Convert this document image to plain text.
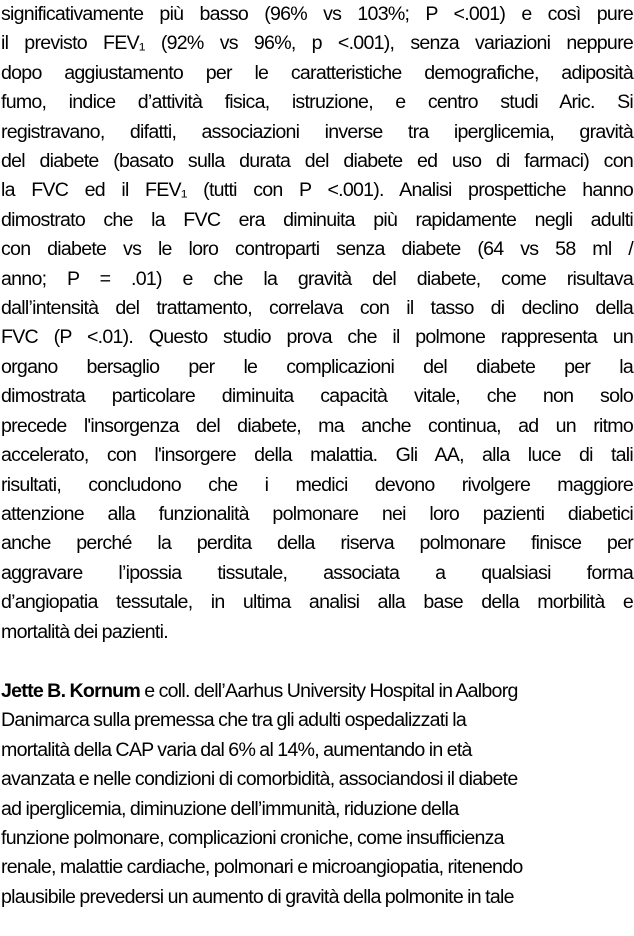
significativamente più basso (96% vs 103%; P <.001) e così pure
il previsto FEV₁ (92% vs 96%, p <.001), senza variazioni neppure
dopo aggiustamento per le caratteristiche demografiche, adiposità
fumo, indice d’attività fisica, istruzione, e centro studi Aric. Si
registravano, difatti, associazioni inverse tra iperglicemia, gravità
del diabete (basato sulla durata del diabete ed uso di farmaci) con
la FVC ed il FEV₁ (tutti con P <.001). Analisi prospettiche hanno
dimostrato che la FVC era diminuita più rapidamente negli adulti
con diabete vs le loro controparti senza diabete (64 vs 58 ml /
anno; P = .01) e che la gravità del diabete, come risultava
dall’intensità del trattamento, correlava con il tasso di declino della
FVC (P <.01). Questo studio prova che il polmone rappresenta un
organo bersaglio per le complicazioni del diabete per la
dimostrata particolare diminuita capacità vitale, che non solo
precede l'insorgenza del diabete, ma anche continua, ad un ritmo
accelerato, con l'insorgere della malattia. Gli AA, alla luce di tali
risultati, concludono che i medici devono rivolgere maggiore
attenzione alla funzionalità polmonare nei loro pazienti diabetici
anche perché la perdita della riserva polmonare finisce per
aggravare l’ipossia tissutale, associata a qualsiasi forma
d’angiopatia tessutale, in ultima analisi alla base della morbilità e
mortalità dei pazienti.
Jette B. Kornum e coll. dell’Aarhus University Hospital in Aalborg
Danimarca sulla premessa che tra gli adulti ospedalizzati la
mortalità della CAP varia dal 6% al 14%, aumentando in età
avanzata e nelle condizioni di comorbidità, associandosi il diabete
ad iperglicemia, diminuzione dell’immunità, riduzione della
funzione polmonare, complicazioni croniche, come insufficienza
renale, malattie cardiache, polmonari e microangiopatia, ritenendo
plausibile prevedersi un aumento di gravità della polmonite in tale
